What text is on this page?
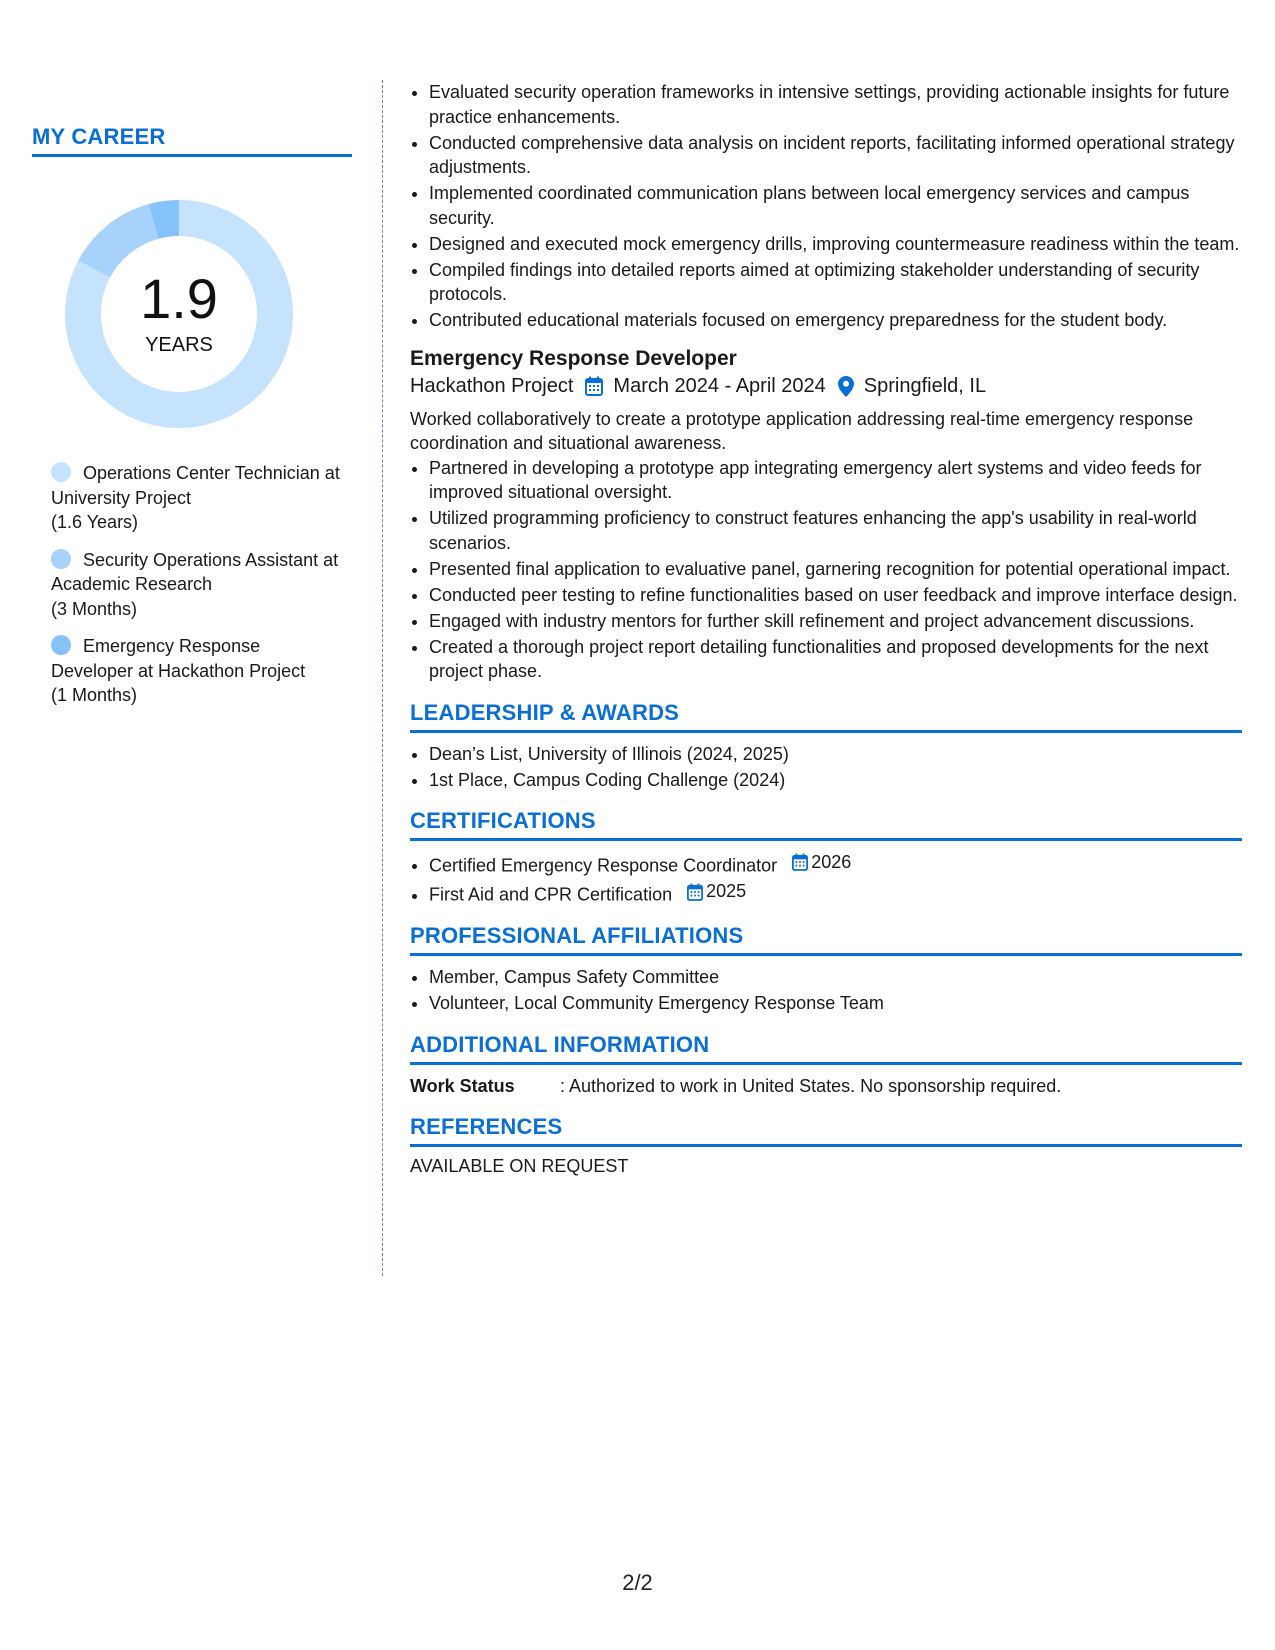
MY CAREER
1.9
YEARS
Operations Center Technician at University Project
(1.6 Years)
Security Operations Assistant at Academic Research
(3 Months)
Emergency Response Developer at Hackathon Project
(1 Months)
• Evaluated security operation frameworks in intensive settings, providing actionable insights for future practice enhancements.
• Conducted comprehensive data analysis on incident reports, facilitating informed operational strategy adjustments.
• Implemented coordinated communication plans between local emergency services and campus security.
• Designed and executed mock emergency drills, improving countermeasure readiness within the team.
• Compiled findings into detailed reports aimed at optimizing stakeholder understanding of security protocols.
• Contributed educational materials focused on emergency preparedness for the student body.
Emergency Response Developer
Hackathon Project March 2024 - April 2024 Springfield, IL
Worked collaboratively to create a prototype application addressing real-time emergency response coordination and situational awareness.
• Partnered in developing a prototype app integrating emergency alert systems and video feeds for improved situational oversight.
• Utilized programming proficiency to construct features enhancing the app's usability in real-world scenarios.
• Presented final application to evaluative panel, garnering recognition for potential operational impact.
• Conducted peer testing to refine functionalities based on user feedback and improve interface design.
• Engaged with industry mentors for further skill refinement and project advancement discussions.
• Created a thorough project report detailing functionalities and proposed developments for the next project phase.
LEADERSHIP & AWARDS
• Dean’s List, University of Illinois (2024, 2025)
• 1st Place, Campus Coding Challenge (2024)
CERTIFICATIONS
• Certified Emergency Response Coordinator 2026
• First Aid and CPR Certification 2025
PROFESSIONAL AFFILIATIONS
• Member, Campus Safety Committee
• Volunteer, Local Community Emergency Response Team
ADDITIONAL INFORMATION
Work Status	: Authorized to work in United States. No sponsorship required.
REFERENCES
AVAILABLE ON REQUEST
2/2
